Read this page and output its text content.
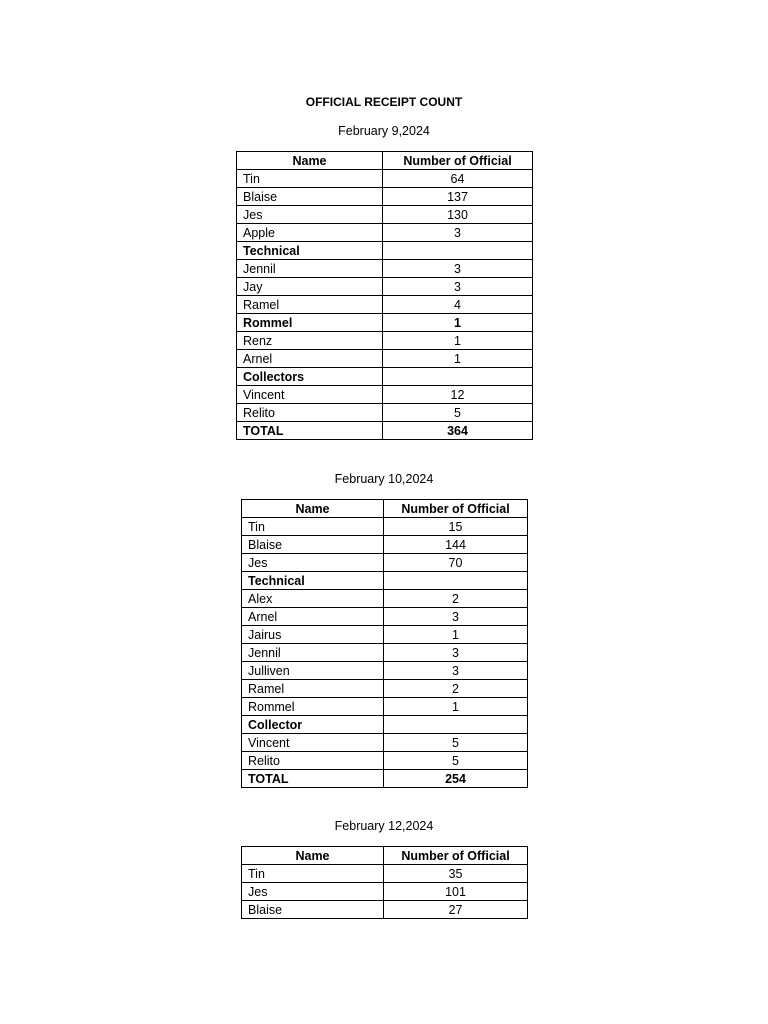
OFFICIAL RECEIPT COUNT

February 9,2024

Name	Number of Official
Tin	64
Blaise	137
Jes	130
Apple	3
Technical	
Jennil	3
Jay	3
Ramel	4
Rommel	1
Renz	1
Arnel	1
Collectors	
Vincent	12
Relito	5
TOTAL	364

February 10,2024

Name	Number of Official
Tin	15
Blaise	144
Jes	70
Technical	
Alex	2
Arnel	3
Jairus	1
Jennil	3
Julliven	3
Ramel	2
Rommel	1
Collector	
Vincent	5
Relito	5
TOTAL	254

February 12,2024

Name	Number of Official
Tin	35
Jes	101
Blaise	27
